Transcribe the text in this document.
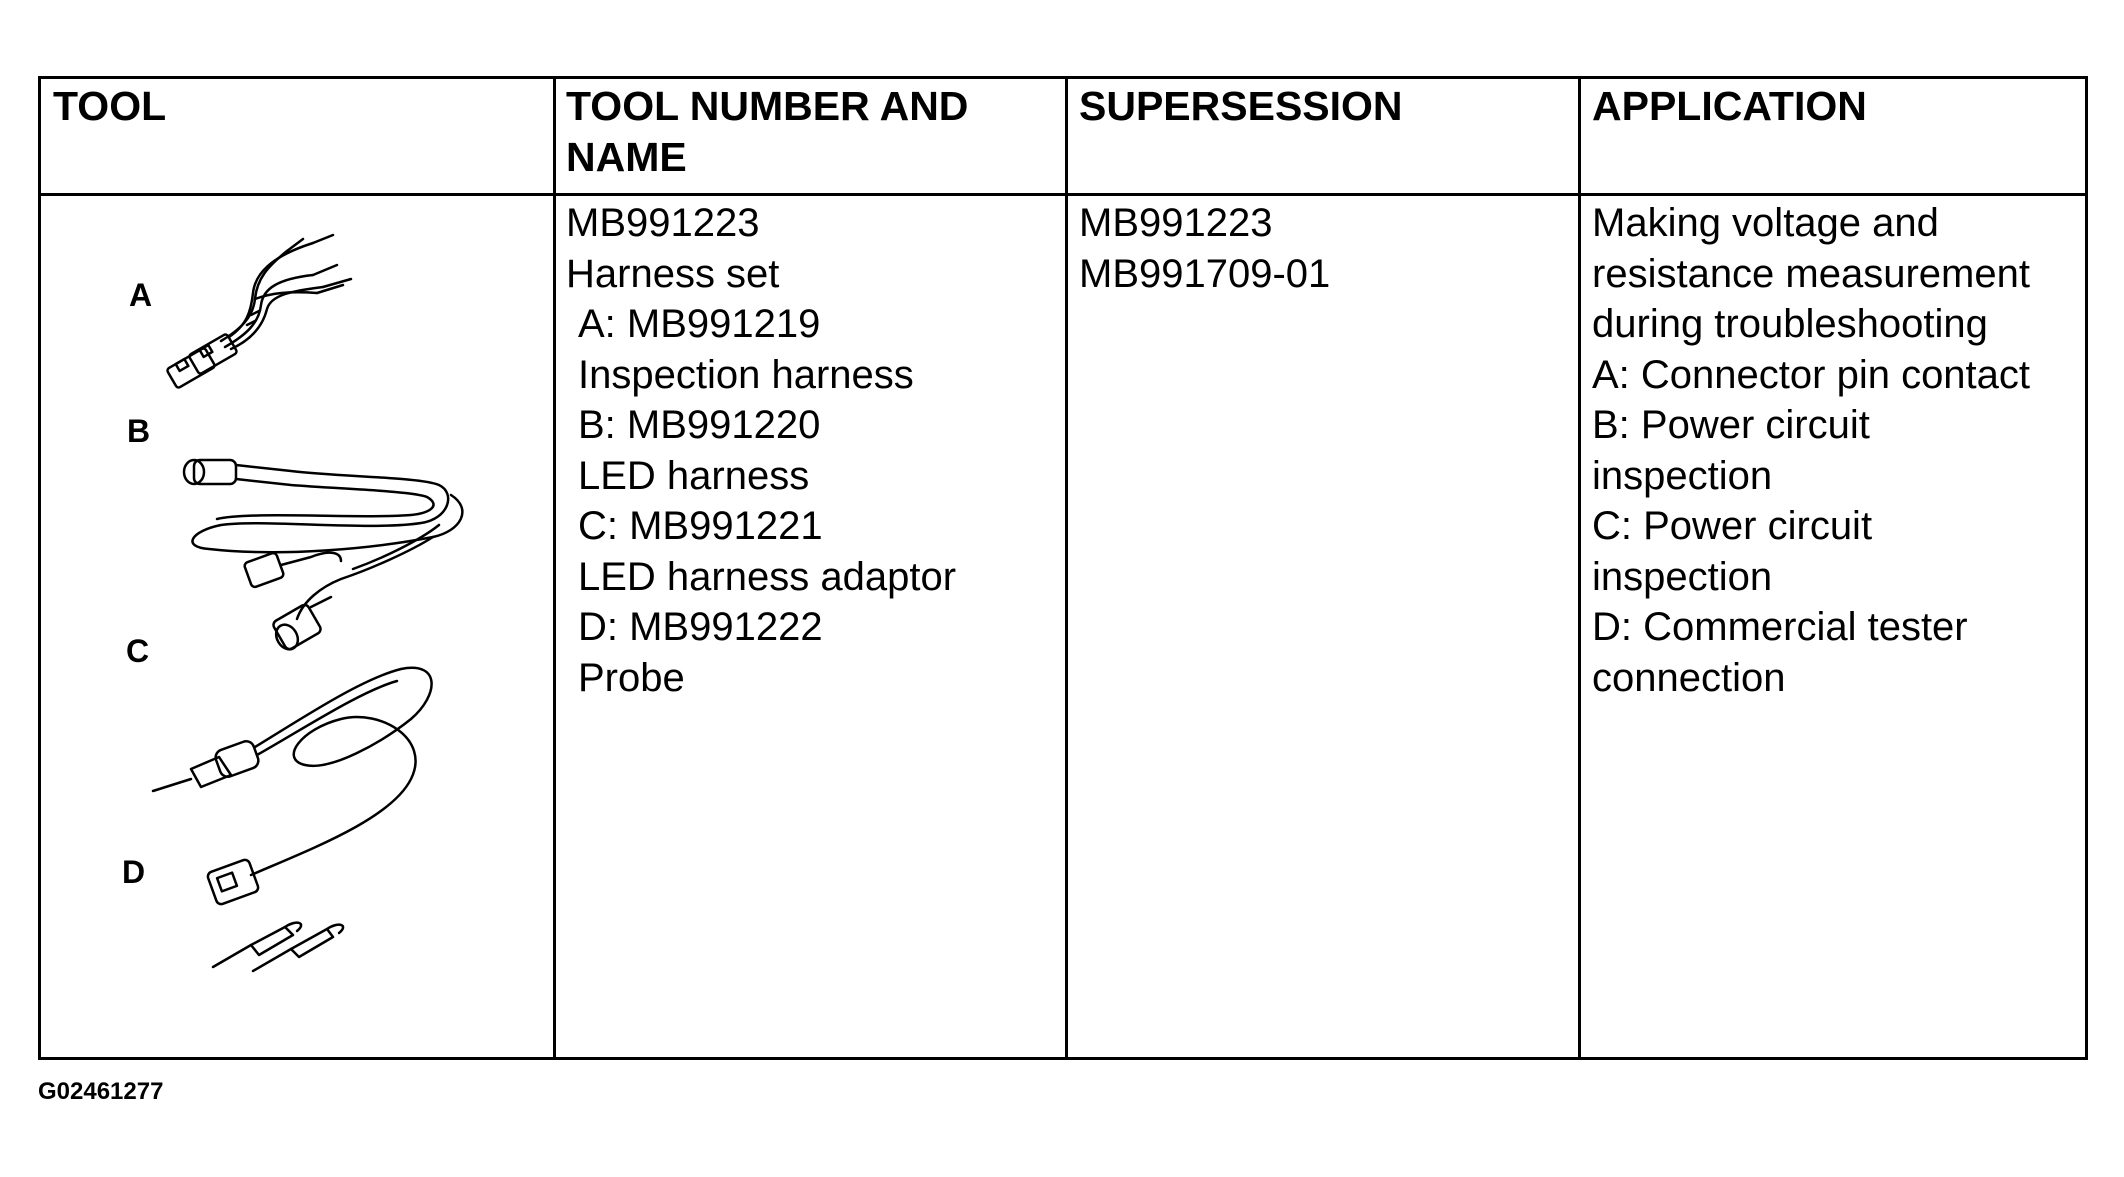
TOOL	TOOL NUMBER AND NAME
SUPERSESSION	APPLICATION
A
B
C
D
MB991223
Harness set
A: MB991219
Inspection harness
B: MB991220
LED harness
C: MB991221
LED harness adaptor
D: MB991222
Probe
MB991223
MB991709-01
Making voltage and
resistance measurement
during troubleshooting
A: Connector pin contact
B: Power circuit
inspection
C: Power circuit
inspection
D: Commercial tester
connection
G02461277
